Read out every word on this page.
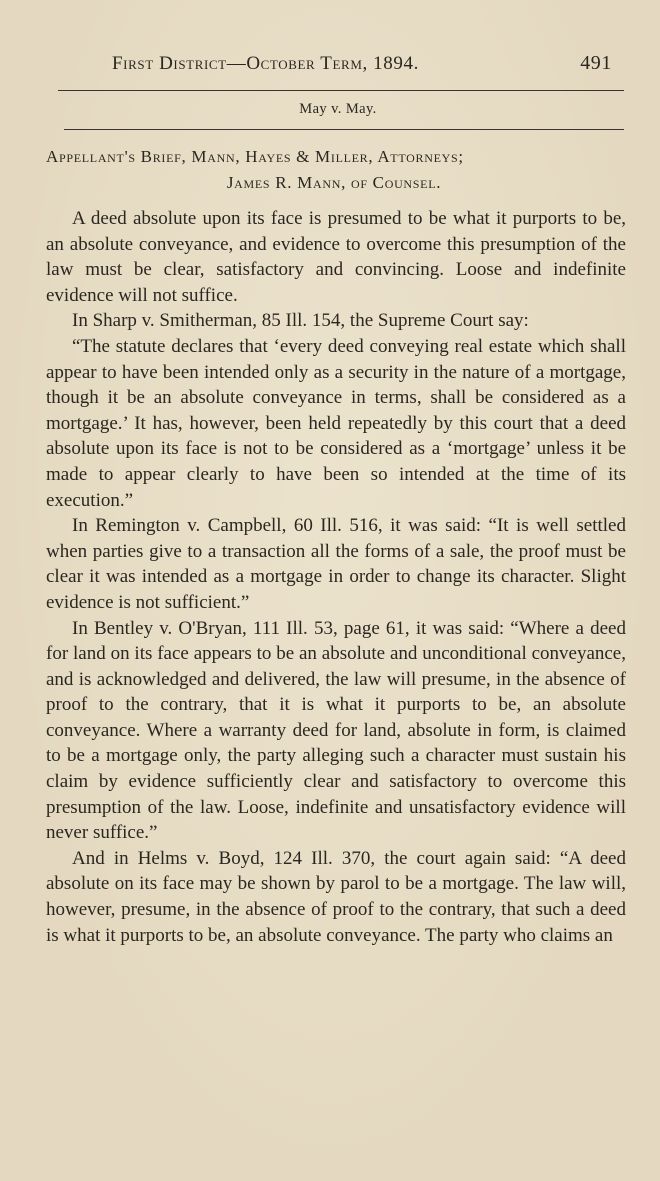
First District—October Term, 1894.	491
May v. May.
Appellant's Brief, Mann, Hayes & Miller, Attorneys;
James R. Mann, of Counsel.

A deed absolute upon its face is presumed to be what it purports to be, an absolute conveyance, and evidence to overcome this presumption of the law must be clear, satisfactory and convincing. Loose and indefinite evidence will not suffice.

In Sharp v. Smitherman, 85 Ill. 154, the Supreme Court say:

“The statute declares that ‘every deed conveying real estate which shall appear to have been intended only as a security in the nature of a mortgage, though it be an absolute conveyance in terms, shall be considered as a mortgage.’ It has, however, been held repeatedly by this court that a deed absolute upon its face is not to be considered as a ‘mortgage’ unless it be made to appear clearly to have been so intended at the time of its execution.”

In Remington v. Campbell, 60 Ill. 516, it was said: “It is well settled when parties give to a transaction all the forms of a sale, the proof must be clear it was intended as a mortgage in order to change its character. Slight evidence is not sufficient.”

In Bentley v. O'Bryan, 111 Ill. 53, page 61, it was said: “Where a deed for land on its face appears to be an absolute and unconditional conveyance, and is acknowledged and delivered, the law will presume, in the absence of proof to the contrary, that it is what it purports to be, an absolute conveyance. Where a warranty deed for land, absolute in form, is claimed to be a mortgage only, the party alleging such a character must sustain his claim by evidence sufficiently clear and satisfactory to overcome this presumption of the law. Loose, indefinite and unsatisfactory evidence will never suffice.”

And in Helms v. Boyd, 124 Ill. 370, the court again said: “A deed absolute on its face may be shown by parol to be a mortgage. The law will, however, presume, in the absence of proof to the contrary, that such a deed is what it purports to be, an absolute conveyance. The party who claims an
